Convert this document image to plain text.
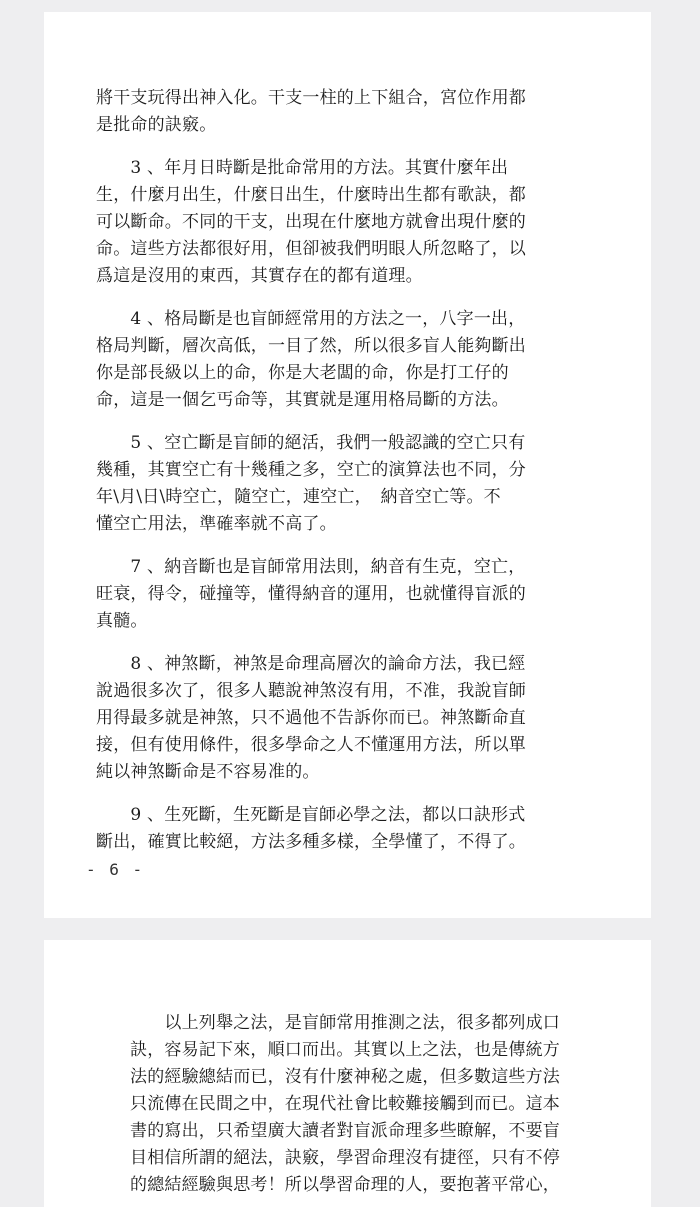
將干支玩得出神入化。干支一柱的上下組合，宮位作用都
是批命的訣竅。
　　3 、年月日時斷是批命常用的方法。其實什麼年出
生，什麼月出生，什麼日出生，什麼時出生都有歌訣，都
可以斷命。不同的干支，出現在什麼地方就會出現什麼的
命。這些方法都很好用，但卻被我們明眼人所忽略了，以
爲這是沒用的東西，其實存在的都有道理。
　　4 、格局斷是也盲師經常用的方法之一，八字一出，
格局判斷，層次高低，一目了然，所以很多盲人能夠斷出
你是部長級以上的命，你是大老闆的命，你是打工仔的
命，這是一個乞丐命等，其實就是運用格局斷的方法。
　　5 、空亡斷是盲師的絕活，我們一般認識的空亡只有
幾種，其實空亡有十幾種之多，空亡的演算法也不同，分
年\月\日\時空亡，隨空亡，連空亡，　納音空亡等。不
懂空亡用法，準確率就不高了。
　　7 、納音斷也是盲師常用法則，納音有生克，空亡，
旺衰，得令，碰撞等，懂得納音的運用，也就懂得盲派的
真髓。
　　8 、神煞斷，神煞是命理高層次的論命方法，我已經
說過很多次了，很多人聽說神煞沒有用，不准，我說盲師
用得最多就是神煞，只不過他不告訴你而已。神煞斷命直
接，但有使用條件，很多學命之人不懂運用方法，所以單
純以神煞斷命是不容易准的。
　　9 、生死斷，生死斷是盲師必學之法，都以口訣形式
斷出，確實比較絕，方法多種多樣，全學懂了，不得了。
- 6 -
　　以上列舉之法，是盲師常用推測之法，很多都列成口
訣，容易記下來，順口而出。其實以上之法，也是傳統方
法的經驗總結而已，沒有什麼神秘之處，但多數這些方法
只流傳在民間之中，在現代社會比較難接觸到而已。這本
書的寫出，只希望廣大讀者對盲派命理多些瞭解，不要盲
目相信所謂的絕法，訣竅，學習命理沒有捷徑，只有不停
的總結經驗與思考！所以學習命理的人，要抱著平常心，
